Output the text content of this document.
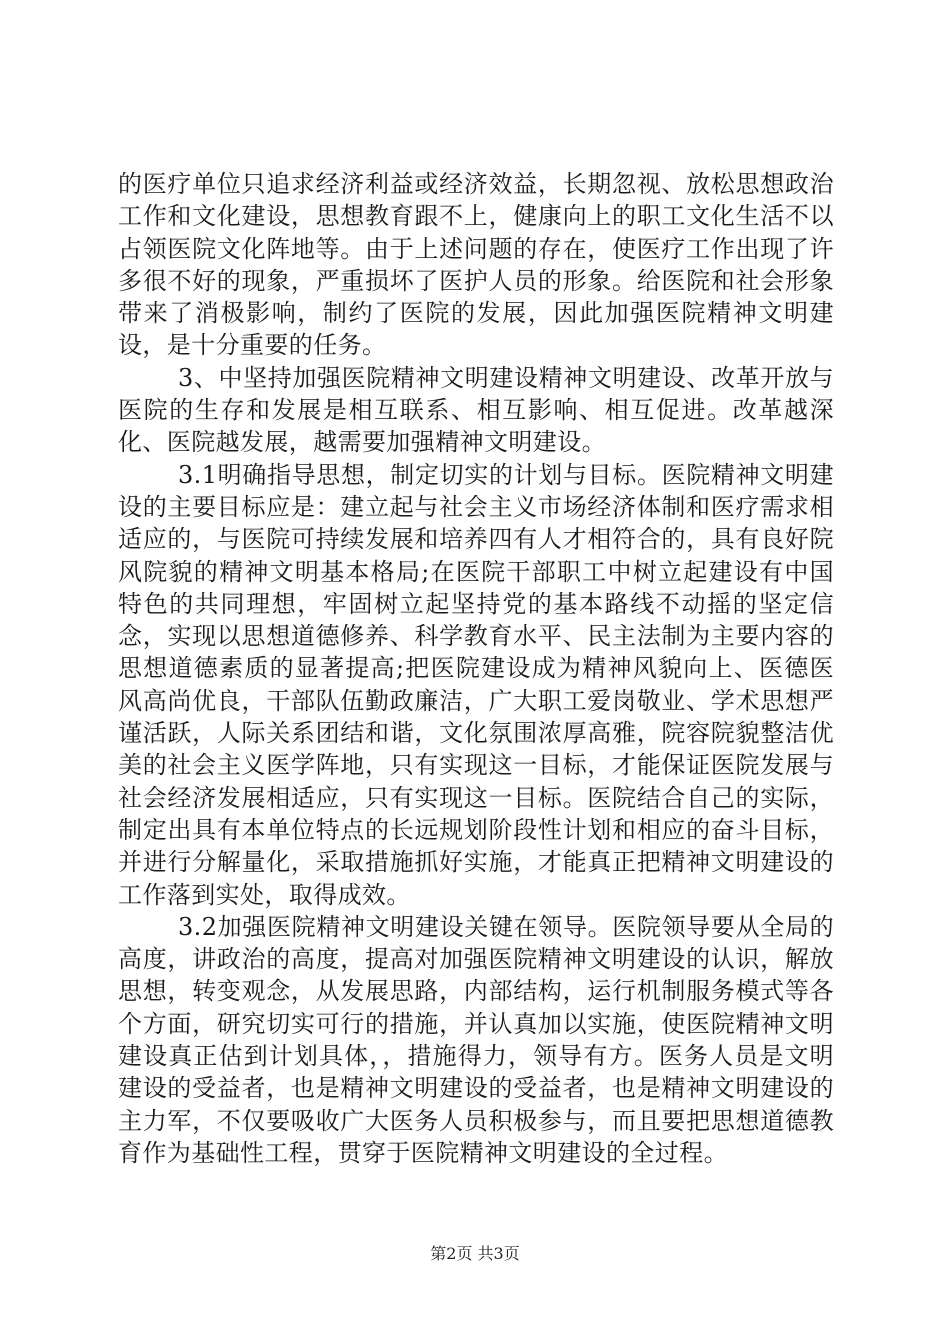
的医疗单位只追求经济利益或经济效益，长期忽视、放松思想政治工作和文化建设，思想教育跟不上，健康向上的职工文化生活不以占领医院文化阵地等。由于上述问题的存在，使医疗工作出现了许多很不好的现象，严重损坏了医护人员的形象。给医院和社会形象带来了消极影响，制约了医院的发展，因此加强医院精神文明建设，是十分重要的任务。

3、中坚持加强医院精神文明建设精神文明建设、改革开放与医院的生存和发展是相互联系、相互影响、相互促进。改革越深化、医院越发展，越需要加强精神文明建设。

3.1明确指导思想，制定切实的计划与目标。医院精神文明建设的主要目标应是：建立起与社会主义市场经济体制和医疗需求相适应的，与医院可持续发展和培养四有人才相符合的，具有良好院风院貌的精神文明基本格局;在医院干部职工中树立起建设有中国特色的共同理想，牢固树立起坚持党的基本路线不动摇的坚定信念，实现以思想道德修养、科学教育水平、民主法制为主要内容的思想道德素质的显著提高;把医院建设成为精神风貌向上、医德医风高尚优良，干部队伍勤政廉洁，广大职工爱岗敬业、学术思想严谨活跃，人际关系团结和谐，文化氛围浓厚高雅，院容院貌整洁优美的社会主义医学阵地，只有实现这一目标，才能保证医院发展与社会经济发展相适应，只有实现这一目标。医院结合自己的实际，制定出具有本单位特点的长远规划阶段性计划和相应的奋斗目标，并进行分解量化，采取措施抓好实施，才能真正把精神文明建设的工作落到实处，取得成效。

3.2加强医院精神文明建设关键在领导。医院领导要从全局的高度，讲政治的高度，提高对加强医院精神文明建设的认识，解放思想，转变观念，从发展思路，内部结构，运行机制服务模式等各个方面，研究切实可行的措施，并认真加以实施，使医院精神文明建设真正估到计划具体，，措施得力，领导有方。医务人员是文明建设的受益者，也是精神文明建设的受益者，也是精神文明建设的主力军，不仅要吸收广大医务人员积极参与，而且要把思想道德教育作为基础性工程，贯穿于医院精神文明建设的全过程。

第2页 共3页
